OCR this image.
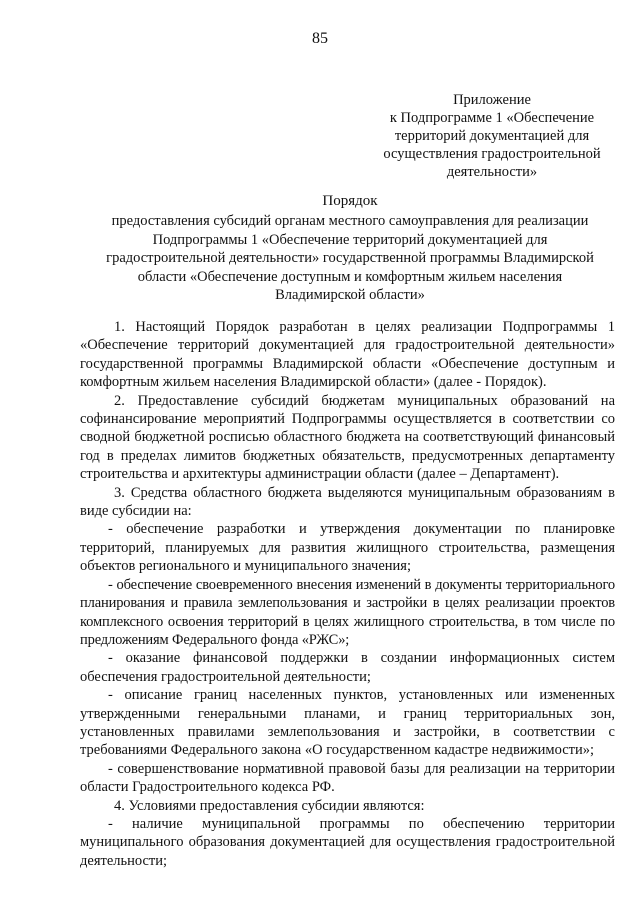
85
Приложение
к Подпрограмме 1 «Обеспечение
территорий документацией для
осуществления градостроительной
деятельности»
Порядок
предоставления субсидий органам местного самоуправления для реализации
Подпрограммы 1 «Обеспечение территорий документацией для
градостроительной деятельности» государственной программы Владимирской
области «Обеспечение доступным и комфортным жильем населения
Владимирской области»

1. Настоящий Порядок разработан в целях реализации Подпрограммы 1 «Обеспечение территорий документацией для градостроительной деятельности» государственной программы Владимирской области «Обеспечение доступным и комфортным жильем населения Владимирской области» (далее - Порядок).

2. Предоставление субсидий бюджетам муниципальных образований на софинансирование мероприятий Подпрограммы осуществляется в соответствии со сводной бюджетной росписью областного бюджета на соответствующий финансовый год в пределах лимитов бюджетных обязательств, предусмотренных департаменту строительства и архитектуры администрации области (далее – Департамент).

3. Средства областного бюджета выделяются муниципальным образованиям в виде субсидии на:

- обеспечение разработки и утверждения документации по планировке территорий, планируемых для развития жилищного строительства, размещения объектов регионального и муниципального значения;

- обеспечение своевременного внесения изменений в документы территориального планирования и правила землепользования и застройки в целях реализации проектов комплексного освоения территорий в целях жилищного строительства, в том числе по предложениям Федерального фонда «РЖС»;

- оказание финансовой поддержки в создании информационных систем обеспечения градостроительной деятельности;

- описание границ населенных пунктов, установленных или измененных утвержденными генеральными планами, и границ территориальных зон, установленных правилами землепользования и застройки, в соответствии с требованиями Федерального закона «О государственном кадастре недвижимости»;

- совершенствование нормативной правовой базы для реализации на территории области Градостроительного кодекса РФ.

4. Условиями предоставления субсидии являются:

- наличие муниципальной программы по обеспечению территории муниципального образования документацией для осуществления градостроительной деятельности;
